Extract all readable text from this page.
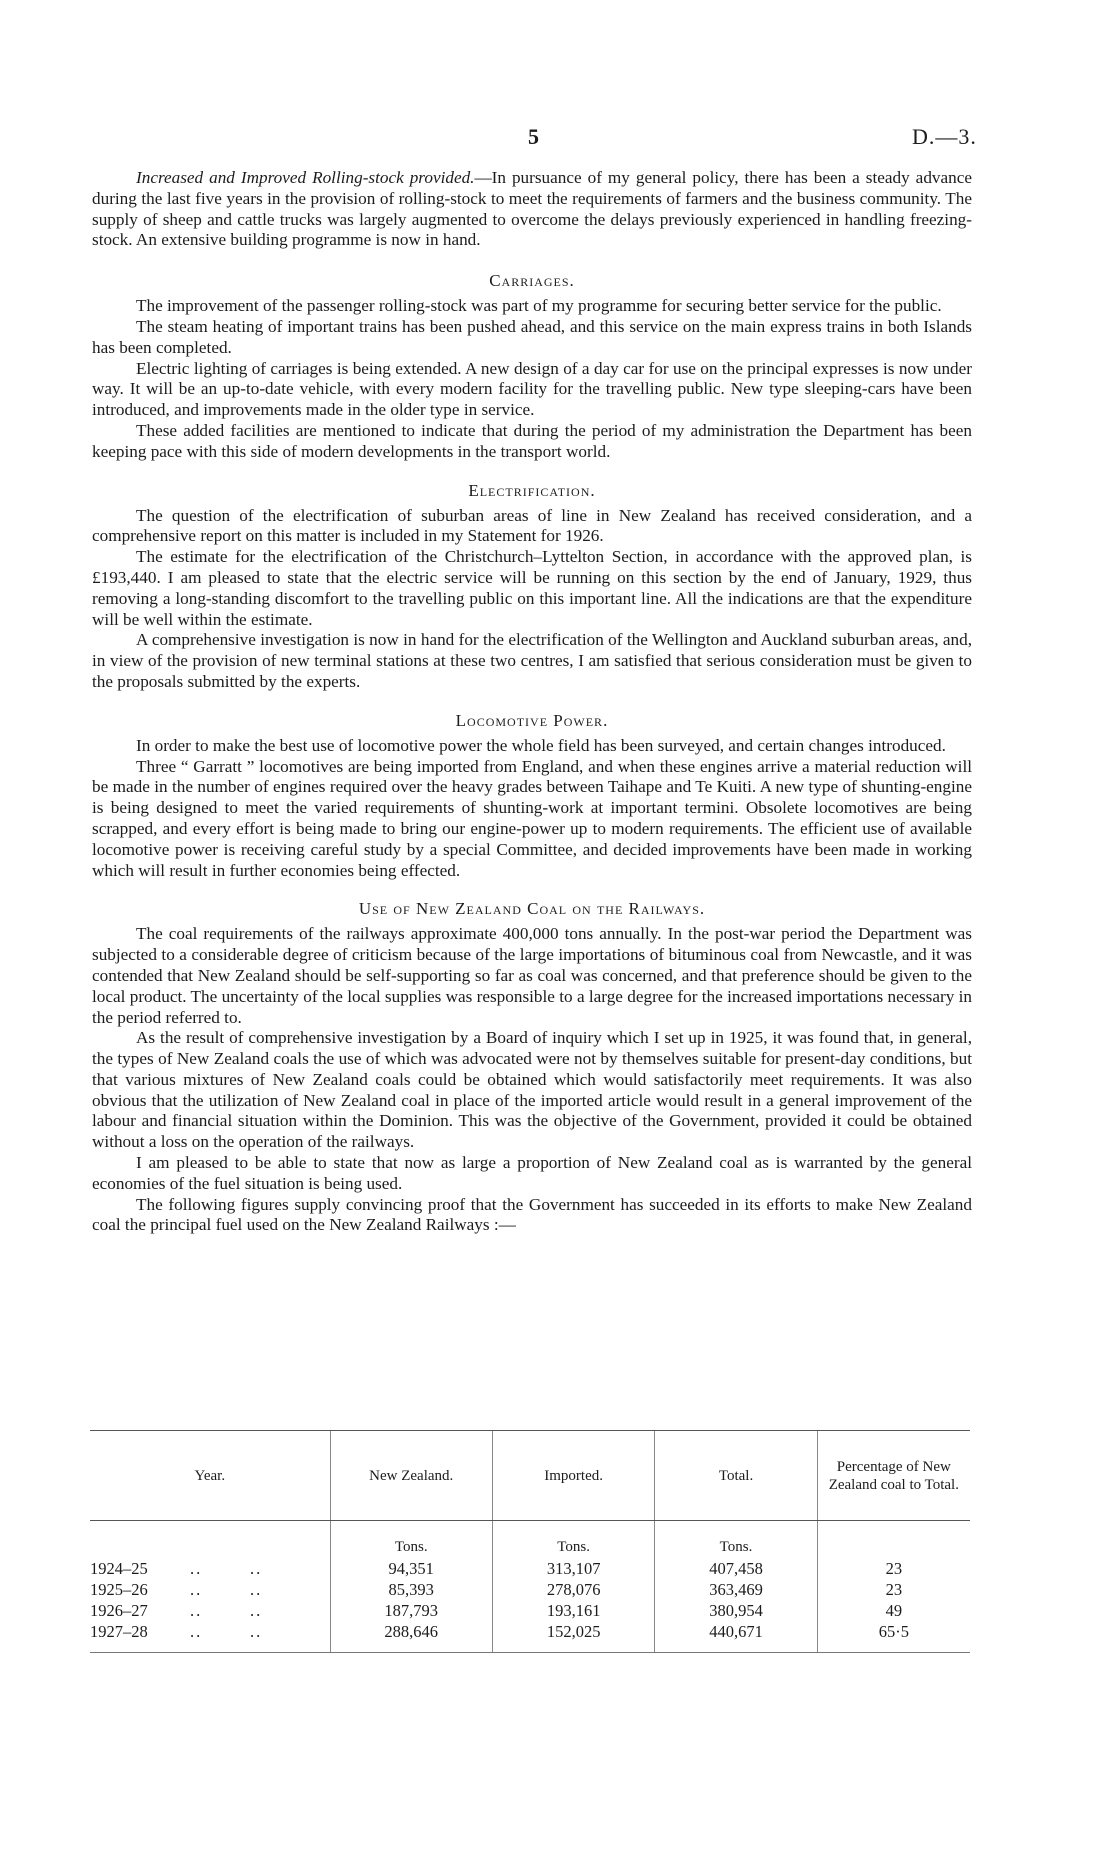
5	D.—3.

Increased and Improved Rolling-stock provided.—In pursuance of my general policy, there has been a steady advance during the last five years in the provision of rolling-stock to meet the requirements of farmers and the business community. The supply of sheep and cattle trucks was largely augmented to overcome the delays previously experienced in handling freezing-stock. An extensive building programme is now in hand.

Carriages.

The improvement of the passenger rolling-stock was part of my programme for securing better service for the public.

The steam heating of important trains has been pushed ahead, and this service on the main express trains in both Islands has been completed.

Electric lighting of carriages is being extended. A new design of a day car for use on the principal expresses is now under way. It will be an up-to-date vehicle, with every modern facility for the travelling public. New type sleeping-cars have been introduced, and improvements made in the older type in service.

These added facilities are mentioned to indicate that during the period of my administration the Department has been keeping pace with this side of modern developments in the transport world.

Electrification.

The question of the electrification of suburban areas of line in New Zealand has received consideration, and a comprehensive report on this matter is included in my Statement for 1926.

The estimate for the electrification of the Christchurch–Lyttelton Section, in accordance with the approved plan, is £193,440. I am pleased to state that the electric service will be running on this section by the end of January, 1929, thus removing a long-standing discomfort to the travelling public on this important line. All the indications are that the expenditure will be well within the estimate.

A comprehensive investigation is now in hand for the electrification of the Wellington and Auckland suburban areas, and, in view of the provision of new terminal stations at these two centres, I am satisfied that serious consideration must be given to the proposals submitted by the experts.

Locomotive Power.

In order to make the best use of locomotive power the whole field has been surveyed, and certain changes introduced.

Three “ Garratt ” locomotives are being imported from England, and when these engines arrive a material reduction will be made in the number of engines required over the heavy grades between Taihape and Te Kuiti. A new type of shunting-engine is being designed to meet the varied requirements of shunting-work at important termini. Obsolete locomotives are being scrapped, and every effort is being made to bring our engine-power up to modern requirements. The efficient use of available locomotive power is receiving careful study by a special Committee, and decided improvements have been made in working which will result in further economies being effected.

Use of New Zealand Coal on the Railways.

The coal requirements of the railways approximate 400,000 tons annually. In the post-war period the Department was subjected to a considerable degree of criticism because of the large importations of bituminous coal from Newcastle, and it was contended that New Zealand should be self-supporting so far as coal was concerned, and that preference should be given to the local product. The uncertainty of the local supplies was responsible to a large degree for the increased importations necessary in the period referred to.

As the result of comprehensive investigation by a Board of inquiry which I set up in 1925, it was found that, in general, the types of New Zealand coals the use of which was advocated were not by themselves suitable for present-day conditions, but that various mixtures of New Zealand coals could be obtained which would satisfactorily meet requirements. It was also obvious that the utilization of New Zealand coal in place of the imported article would result in a general improvement of the labour and financial situation within the Dominion. This was the objective of the Government, provided it could be obtained without a loss on the operation of the railways.

I am pleased to be able to state that now as large a proportion of New Zealand coal as is warranted by the general economies of the fuel situation is being used.

The following figures supply convincing proof that the Government has succeeded in its efforts to make New Zealand coal the principal fuel used on the New Zealand Railways :—

Year.	New Zealand.	Imported.	Total.	Percentage of New Zealand coal to Total.
	Tons.	Tons.	Tons.	
1924–25 .. ..	94,351	313,107	407,458	23
1925–26 .. ..	85,393	278,076	363,469	23
1926–27 .. ..	187,793	193,161	380,954	49
1927–28 .. ..	288,646	152,025	440,671	65·5
